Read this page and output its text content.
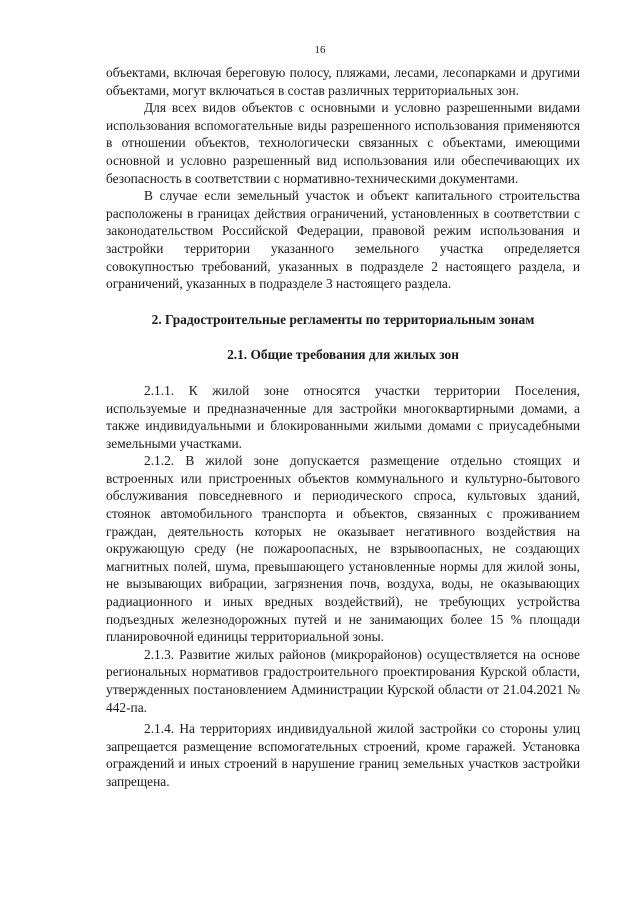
16

объектами, включая береговую полосу, пляжами, лесами, лесопарками и другими объектами, могут включаться в состав различных территориальных зон.

Для всех видов объектов с основными и условно разрешенными видами использования вспомогательные виды разрешенного использования применяются в отношении объектов, технологически связанных с объектами, имеющими основной и условно разрешенный вид использования или обеспечивающих их безопасность в соответствии с нормативно-техническими документами.

В случае если земельный участок и объект капитального строительства расположены в границах действия ограничений, установленных в соответствии с законодательством Российской Федерации, правовой режим использования и застройки территории указанного земельного участка определяется совокупностью требований, указанных в подразделе 2 настоящего раздела, и ограничений, указанных в подразделе 3 настоящего раздела.

2. Градостроительные регламенты по территориальным зонам
2.1. Общие требования для жилых зон

2.1.1. К жилой зоне относятся участки территории Поселения, используемые и предназначенные для застройки многоквартирными домами, а также индивидуальными и блокированными жилыми домами с приусадебными земельными участками.

2.1.2. В жилой зоне допускается размещение отдельно стоящих и встроенных или пристроенных объектов коммунального и культурно-бытового обслуживания повседневного и периодического спроса, культовых зданий, стоянок автомобильного транспорта и объектов, связанных с проживанием граждан, деятельность которых не оказывает негативного воздействия на окружающую среду (не пожароопасных, не взрывоопасных, не создающих магнитных полей, шума, превышающего установленные нормы для жилой зоны, не вызывающих вибрации, загрязнения почв, воздуха, воды, не оказывающих радиационного и иных вредных воздействий), не требующих устройства подъездных железнодорожных путей и не занимающих более 15 % площади планировочной единицы территориальной зоны.

2.1.3. Развитие жилых районов (микрорайонов) осуществляется на основе региональных нормативов градостроительного проектирования Курской области, утвержденных постановлением Администрации Курской области от 21.04.2021 № 442-па.

2.1.4. На территориях индивидуальной жилой застройки со стороны улиц запрещается размещение вспомогательных строений, кроме гаражей. Установка ограждений и иных строений в нарушение границ земельных участков застройки запрещена.
